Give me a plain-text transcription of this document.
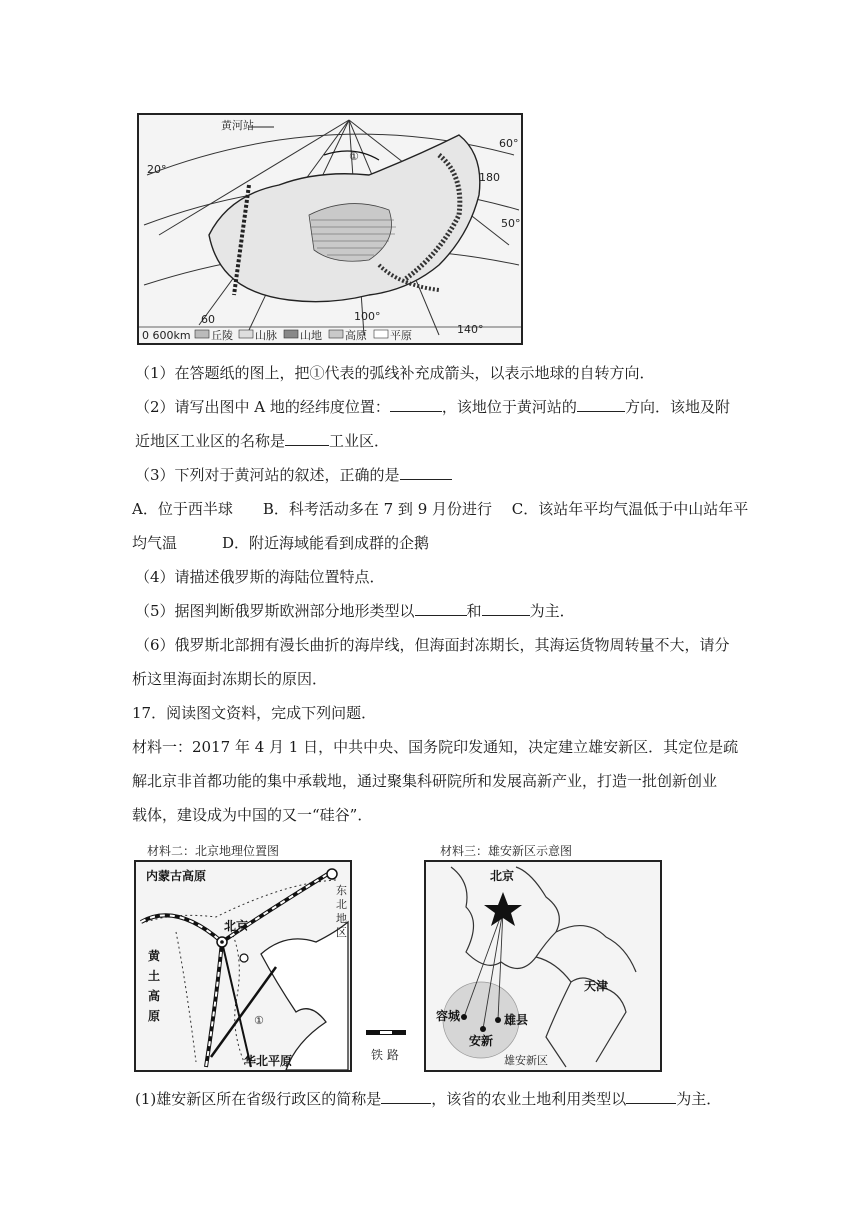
①
黄河站
60°
50°
20°
180
100°
140°
60
0 600km 丘陵 山脉 山地 高原 平原
（1）在答题纸的图上，把①代表的弧线补充成箭头，以表示地球的自转方向．
（2）请写出图中 A 地的经纬度位置：	，该地位于黄河站的	方向．该地及附
近地区工业区的名称是	工业区．
（3）下列对于黄河站的叙述，正确的是
A．位于西半球　　B．科考活动多在 7 到 9 月份进行　 C．该站年平均气温低于中山站年平
均气温　　　D．附近海域能看到成群的企鹅
（4）请描述俄罗斯的海陆位置特点．
（5）据图判断俄罗斯欧洲部分地形类型以	和	为主．
（6）俄罗斯北部拥有漫长曲折的海岸线，但海面封冻期长，其海运货物周转量不大，请分
析这里海面封冻期长的原因．
17．阅读图文资料，完成下列问题．
材料一：2017 年 4 月 1 日，中共中央、国务院印发通知，决定建立雄安新区．其定位是疏
解北京非首都功能的集中承载地，通过聚集科研院所和发展高新产业，打造一批创新创业
载体，建设成为中国的又一“硅谷”．
材料二：北京地理位置图
内蒙古高原
北京
华北平原
①
东
北
地
区
黄
土
高
原
铁 路
材料三：雄安新区示意图
北京
天津
容城	雄县
安新
雄安新区
(1)雄安新区所在省级行政区的简称是	，该省的农业土地利用类型以	为主．
